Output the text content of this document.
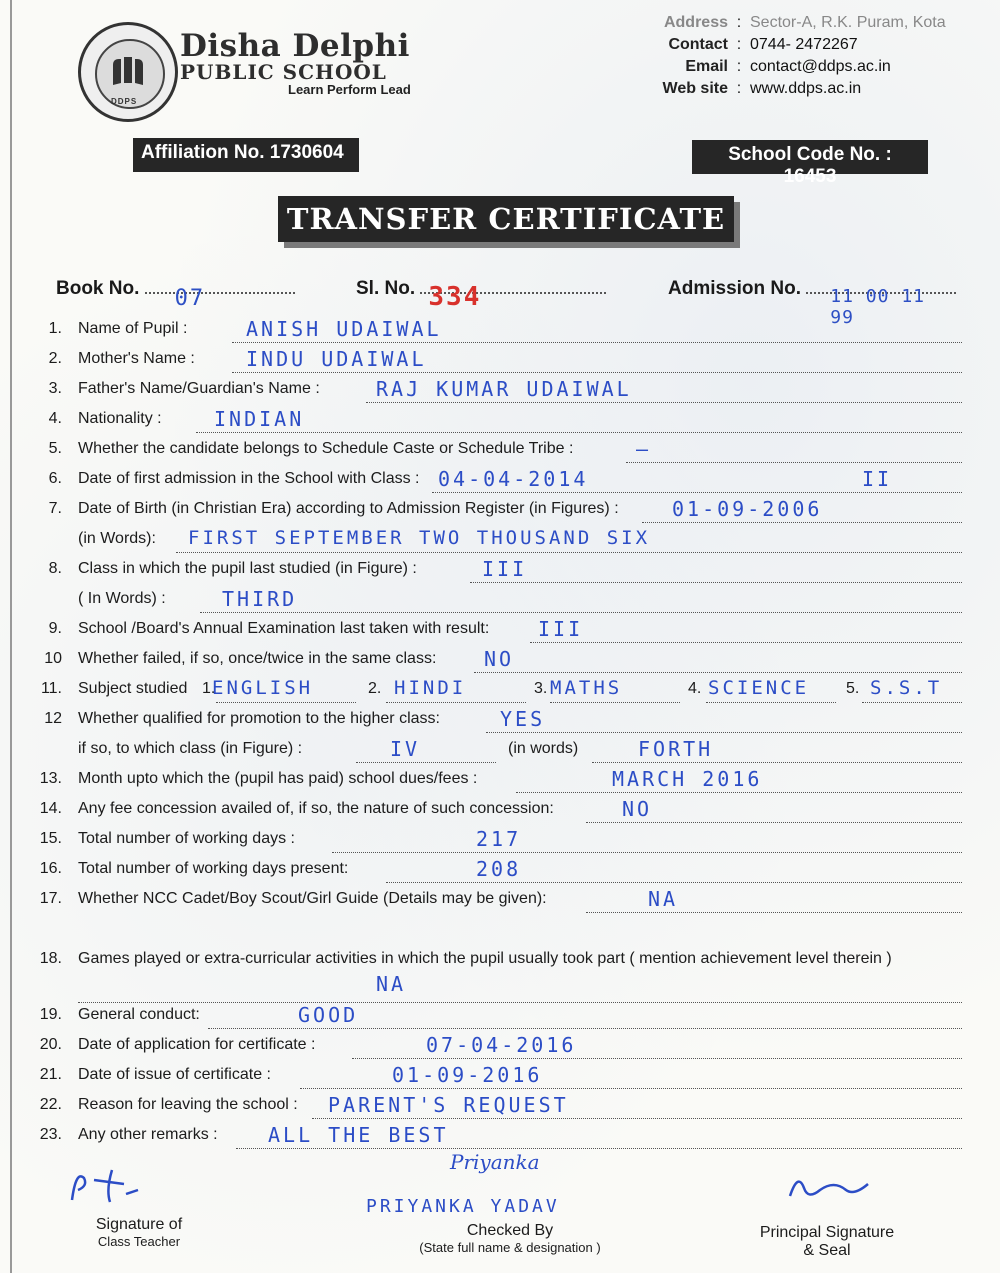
DDPS
Disha Delphi
PUBLIC SCHOOL
Learn Perform Lead
Address : Sector-A, R.K. Puram, Kota
Contact : 0744- 2472267
Email : contact@ddps.ac.in
Web site : www.ddps.ac.in
Affiliation No. 1730604	School Code No. : 16453
TRANSFER CERTIFICATE
Book No. 07	Sl. No. 334	Admission No. 11 00 11 99
1. Name of Pupil :	ANISH UDAIWAL
2. Mother's Name :	INDU UDAIWAL
3. Father's Name/Guardian's Name :	RAJ KUMAR UDAIWAL
4. Nationality :	INDIAN
5. Whether the candidate belongs to Schedule Caste or Schedule Tribe :	—
6. Date of first admission in the School with Class : 04-04-2014	II
7. Date of Birth (in Christian Era) according to Admission Register (in Figures) :	01-09-2006
(in Words): FIRST SEPTEMBER TWO THOUSAND SIX
8. Class in which the pupil last studied (in Figure) :	III
( In Words) :	THIRD
9. School /Board's Annual Examination last taken with result: III
10 Whether failed, if so, once/twice in the same class: NO
11. Subject studied 1.
ENGLISH	2. HINDI	3. MATHS	4. SCIENCE 5. S.S.T
12 Whether qualified for promotion to the higher class:	YES
if so, to which class (in Figure) :	IV	(in words)	FORTH
13. Month upto which the (pupil has paid) school dues/fees :	MARCH 2016
14. Any fee concession availed of, if so, the nature of such concession:	NO
15. Total number of working days :	217
16. Total number of working days present:	208
17. Whether NCC Cadet/Boy Scout/Girl Guide (Details may be given):	NA
18. Games played or extra-curricular activities in which the pupil usually took part ( mention achievement level therein )
NA
19. General conduct:	GOOD
20. Date of application for certificate :	07-04-2016
21. Date of issue of certificate :	01-09-2016
22. Reason for leaving the school : PARENT'S REQUEST
23. Any other remarks :	ALL THE BEST
Signature of
Class Teacher
Priyanka
PRIYANKA YADAV
Checked By
(State full name & designation )
Principal Signature
& Seal
